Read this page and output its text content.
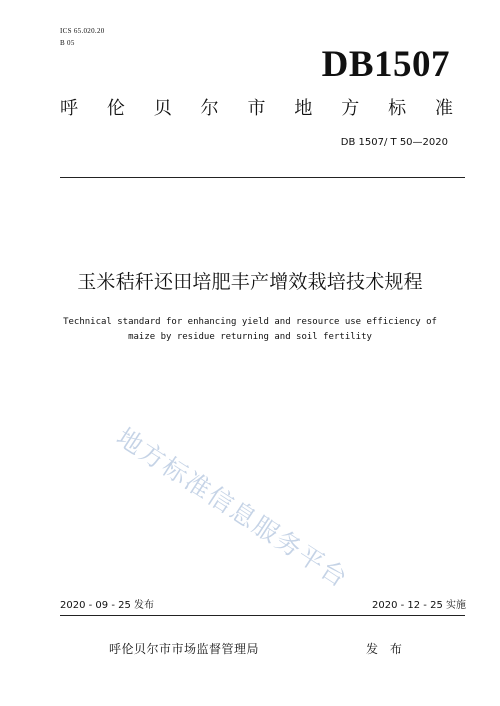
ICS 65.020.20
B 05
DB1507
呼 伦 贝 尔 市 地 方 标 准
DB 1507/ T 50—2020
玉米秸秆还田培肥丰产增效栽培技术规程
Technical standard for enhancing yield and resource use efficiency of
maize by residue returning and soil fertility
地方标准信息服务平台
2020 - 09 - 25 发布	2020 - 12 - 25 实施
呼伦贝尔市市场监督管理局	发 布
